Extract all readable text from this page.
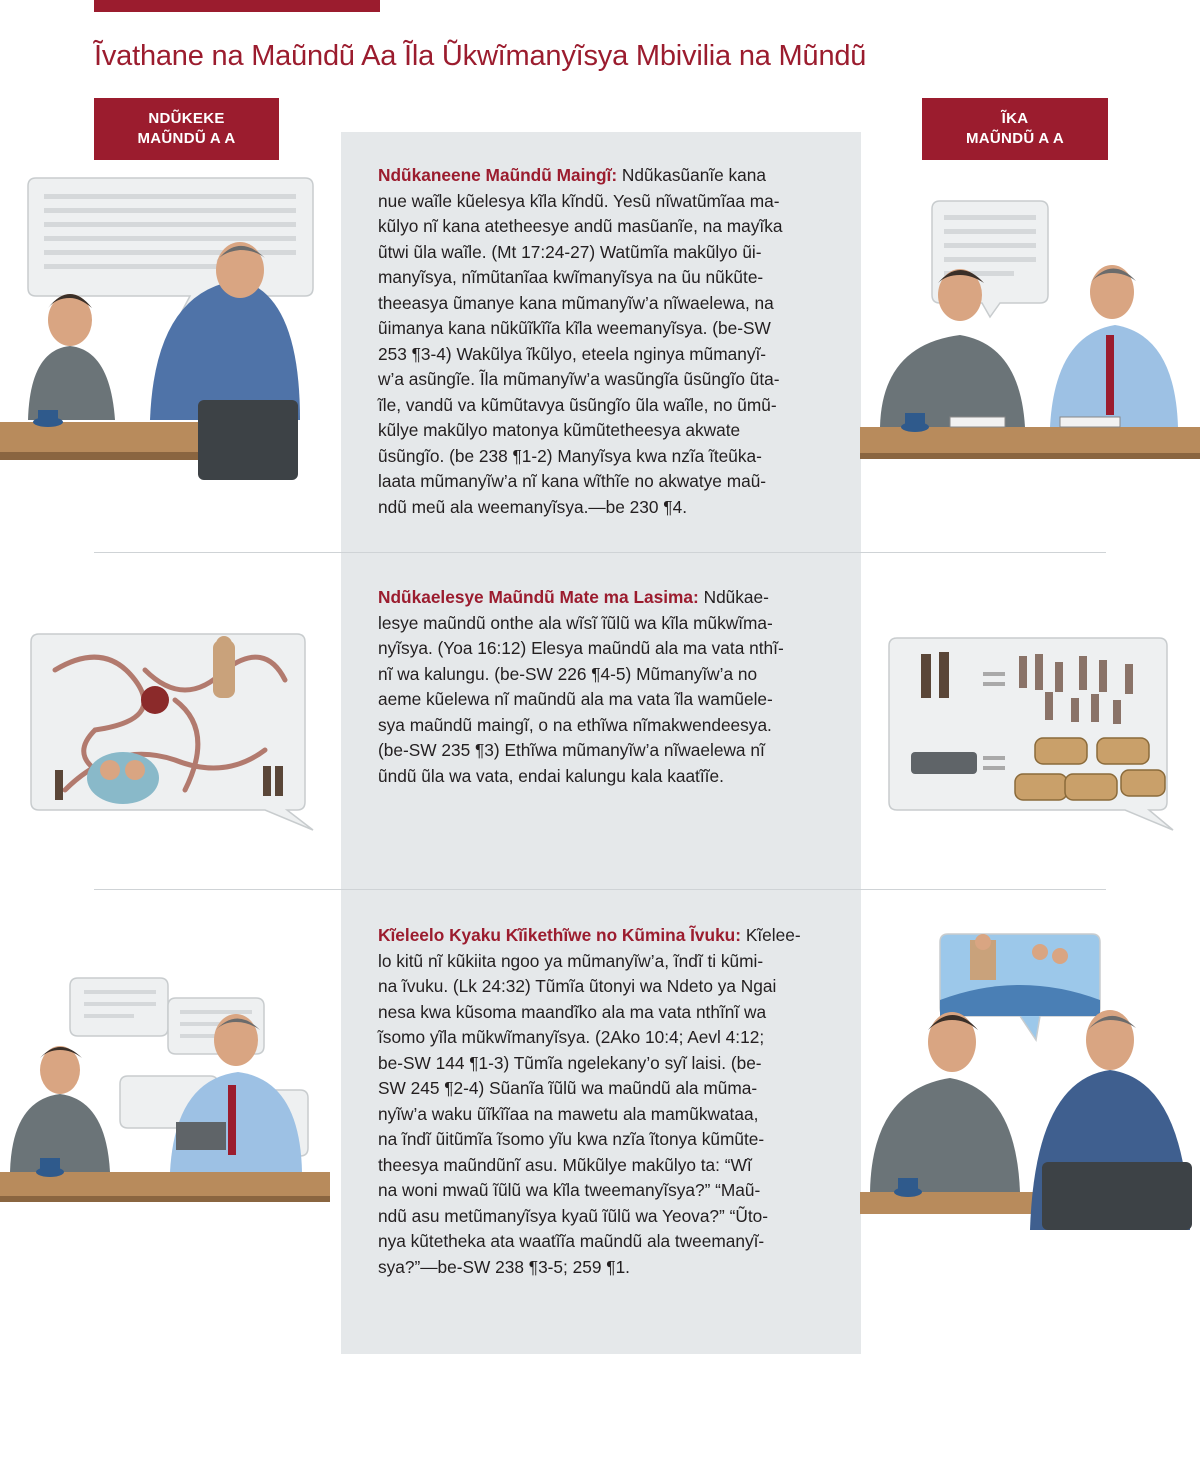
Ĩvathane na Maũndũ Aa Ĩla Ũkwĩmanyĩsya Mbivilia na Mũndũ
NDŨKEKE
MAŨNDŨ A A
ĨKA
MAŨNDŨ A A
Ndũkaneene Maũndũ Maingĩ: Ndũkasũanĩe kana
nue waĩle kũelesya kĩla kĩndũ. Yesũ nĩwatũmĩaa ma-
kũlyo nĩ kana atetheesye andũ masũanĩe, na mayĩka
ũtwi ũla waĩle. (Mt 17:24-27) Watũmĩa makũlyo ũi-
manyĩsya, nĩmũtanĩaa kwĩmanyĩsya na ũu nũkũte-
theeasya ũmanye kana mũmanyĩw’a nĩwaelewa, na
ũimanya kana nũkũĩkĩĩa kĩla weemanyĩsya. (be-SW
253 ¶3-4) Wakũlya ĩkũlyo, eteela nginya mũmanyĩ-
w’a asũngĩe. Ĩla mũmanyĩw’a wasũngĩa ũsũngĩo ũta-
ĩle, vandũ va kũmũtavya ũsũngĩo ũla waĩle, no ũmũ-
kũlye makũlyo matonya kũmũtetheesya akwate
ũsũngĩo. (be 238 ¶1-2) Manyĩsya kwa nzĩa ĩteũka-
laata mũmanyĩw’a nĩ kana wĩthĩe no akwatye maũ-
ndũ meũ ala weemanyĩsya.—be 230 ¶4.
Ndũkaelesye Maũndũ Mate ma Lasima: Ndũkae-
lesye maũndũ onthe ala wĩsĩ ĩũlũ wa kĩla mũkwĩma-
nyĩsya. (Yoa 16:12) Elesya maũndũ ala ma vata nthĩ-
nĩ wa kalungu. (be-SW 226 ¶4-5) Mũmanyĩw’a no
aeme kũelewa nĩ maũndũ ala ma vata ĩla wamũele-
sya maũndũ maingĩ, o na ethĩwa nĩmakwendeesya.
(be-SW 235 ¶3) Ethĩwa mũmanyĩw’a nĩwaelewa nĩ
ũndũ ũla wa vata, endai kalungu kala kaatĩĩe.
Kĩeleelo Kyaku Kĩikethĩwe no Kũmina Ĩvuku: Kĩelee-
lo kitũ nĩ kũkiita ngoo ya mũmanyĩw’a, ĩndĩ ti kũmi-
na ĩvuku. (Lk 24:32) Tũmĩa ũtonyi wa Ndeto ya Ngai
nesa kwa kũsoma maandĩko ala ma vata nthĩnĩ wa
ĩsomo yĩla mũkwĩmanyĩsya. (2Ako 10:4; Aevl 4:12;
be-SW 144 ¶1-3) Tũmĩa ngelekany’o syĩ laisi. (be-
SW 245 ¶2-4) Sũanĩa ĩũlũ wa maũndũ ala mũma-
nyĩw’a waku ũĩkĩĩaa na mawetu ala mamũkwataa,
na ĩndĩ ũitũmĩa ĩsomo yĩu kwa nzĩa ĩtonya kũmũte-
theesya maũndũnĩ asu. Mũkũlye makũlyo ta: “Wĩ
na woni mwaũ ĩũlũ wa kĩla tweemanyĩsya?” “Maũ-
ndũ asu metũmanyĩsya kyaũ ĩũlũ wa Yeova?” “Ũto-
nya kũtetheka ata waatĩĩa maũndũ ala tweemanyĩ-
sya?”—be-SW 238 ¶3-5; 259 ¶1.
